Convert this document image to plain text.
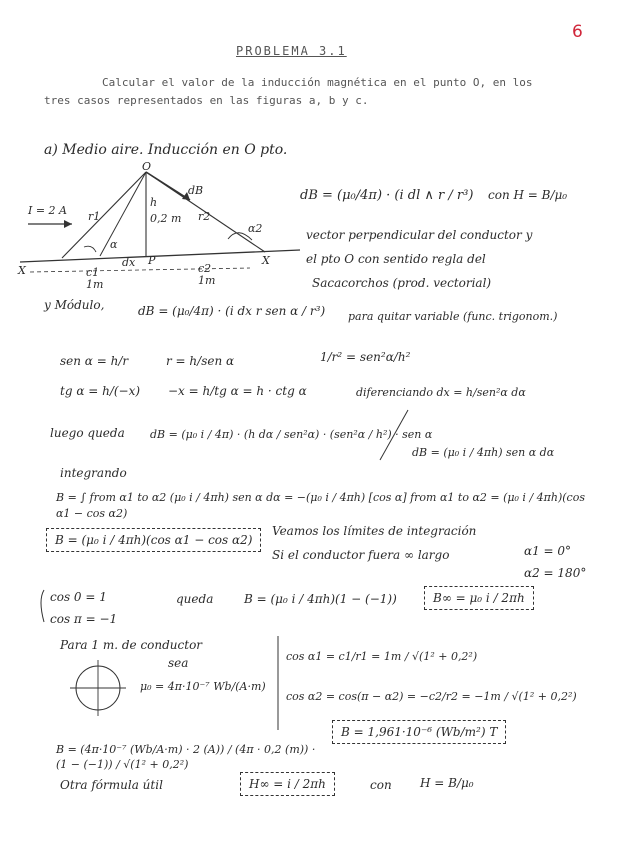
6
PROBLEMA 3.1
Calcular el valor de la inducción magnética en el punto O, en los tres casos representados en las figuras a, b y c.
a) Medio aire. Inducción en O pto.
O
dB
I = 2 A r1	r2
h
0,2 m
α
α2
dx
X
X
P
c1
1m
c2
1m
dB = (μ₀/4π) · (i dl ∧ r / r³) con H = B/μ₀
vector perpendicular del conductor y
el pto O con sentido regla del
Sacacorchos (prod. vectorial)
y Módulo,	dB = (μ₀/4π) · (i dx r sen α / r³) para quitar variable (func. trigonom.)
sen α = h/r	r = h/sen α	1/r² = sen²α/h²
tg α = h/(−x) −x = h/tg α = h · ctg α	diferenciando dx = h/sen²α dα
luego queda dB = (μ₀ i / 4π) · (h dα / sen²α) · (sen²α / h²) · sen α
dB = (μ₀ i / 4πh) sen α dα
integrando
B = ∫ from α1 to α2 (μ₀ i / 4πh) sen α dα = −(μ₀ i / 4πh) [cos α] from α1 to α2 = (μ₀ i / 4πh)(cos α1 − cos α2)
B = (μ₀ i / 4πh)(cos α1 − cos α2)
Veamos los límites de integración
Si el conductor fuera ∞ largo	α1 = 0°
α2 = 180°
cos 0 = 1
cos π = −1
queda	B = (μ₀ i / 4πh)(1 − (−1))	B∞ = μ₀ i / 2πh
Para 1 m. de conductor
sea
μ₀ = 4π·10⁻⁷ Wb/(A·m)
cos α1 = c1/r1 = 1m / √(1² + 0,2²)
cos α2 = cos(π − α2) = −c2/r2 = −1m / √(1² + 0,2²)
B = (4π·10⁻⁷ (Wb/A·m) · 2 (A)) / (4π · 0,2 (m)) · (1 − (−1)) / √(1² + 0,2²)
B = 1,961·10⁻⁶ (Wb/m²) T
Otra fórmula útil	H∞ = i / 2πh	con H = B/μ₀
